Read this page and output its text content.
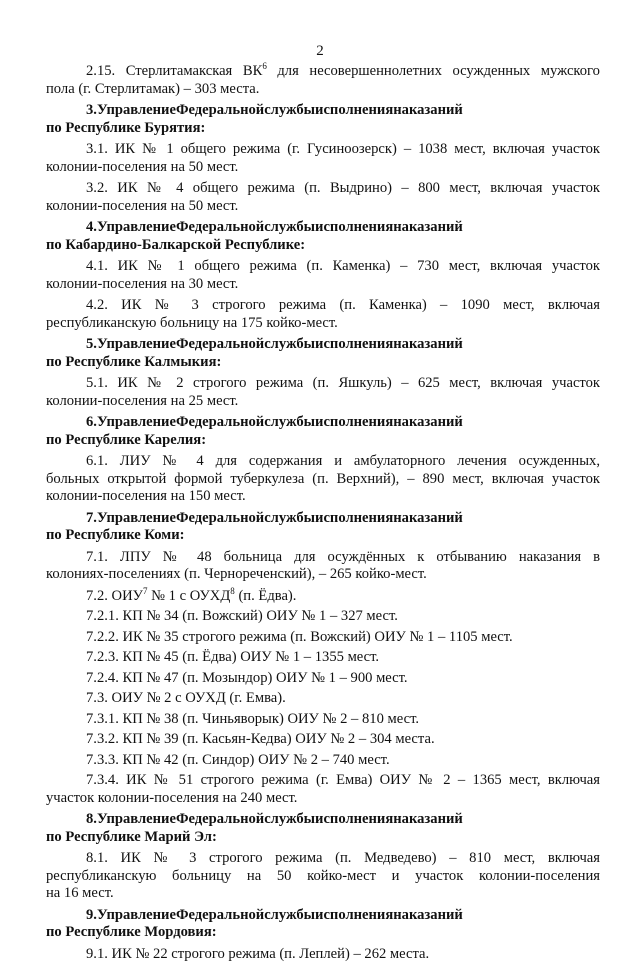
2
2.15. Стерлитамакская $ВК^6$ для несовершеннолетних осужденных мужского
пола (г. Стерлитамак) – 303 места.
3.УправлениеФедеральнойслужбыисполнениянаказаний
по Республике Бурятия:
3.1. ИК № 1 общего режима (г. Гусиноозерск) – 1038 мест, включая участок
колонии-поселения на 50 мест.
3.2. ИК № 4 общего режима (п. Выдрино) – 800 мест, включая участок
колонии-поселения на 50 мест.
4.УправлениеФедеральнойслужбыисполнениянаказаний
по Кабардино-Балкарской Республике:
4.1. ИК № 1 общего режима (п. Каменка) – 730 мест, включая участок
колонии-поселения на 30 мест.
4.2. ИК № 3 строгого режима (п. Каменка) – 1090 мест, включая
республиканскую больницу на 175 койко-мест.
5.УправлениеФедеральнойслужбыисполнениянаказаний
по Республике Калмыкия:
5.1. ИК № 2 строгого режима (п. Яшкуль) – 625 мест, включая участок
колонии-поселения на 25 мест.
6.УправлениеФедеральнойслужбыисполнениянаказаний
по Республике Карелия:
6.1. ЛИУ № 4 для содержания и амбулаторного лечения осужденных,
больных открытой формой туберкулеза (п. Верхний), – 890 мест, включая участок
колонии-поселения на 150 мест.
7.УправлениеФедеральнойслужбыисполнениянаказаний
по Республике Коми:
7.1. ЛПУ № 48 больница для осуждённых к отбыванию наказания в
колониях-поселениях (п. Чернореченский), – 265 койко-мест.
7.2. ОИУ$^7$ № 1 с ОУХД$^8$ (п. Ёдва).
7.2.1. КП № 34 (п. Вожский) ОИУ № 1 – 327 мест.
7.2.2. ИК № 35 строгого режима (п. Вожский) ОИУ № 1 – 1105 мест.
7.2.3. КП № 45 (п. Ёдва) ОИУ № 1 – 1355 мест.
7.2.4. КП № 47 (п. Мозындор) ОИУ № 1 – 900 мест.
7.3. ОИУ № 2 с ОУХД (г. Емва).
7.3.1. КП № 38 (п. Чиньяворык) ОИУ № 2 – 810 мест.
7.3.2. КП № 39 (п. Касьян-Кедва) ОИУ № 2 – 304 места.
7.3.3. КП № 42 (п. Синдор) ОИУ № 2 – 740 мест.
7.3.4. ИК № 51 строгого режима (г. Емва) ОИУ № 2 – 1365 мест, включая
участок колонии-поселения на 240 мест.
8.УправлениеФедеральнойслужбыисполнениянаказаний
по Республике Марий Эл:
8.1. ИК № 3 строгого режима (п. Медведево) – 810 мест, включая
республиканскую больницу на 50 койко-мест и участок колонии-поселения
на 16 мест.
9.УправлениеФедеральнойслужбыисполнениянаказаний
по Республике Мордовия:
9.1. ИК № 22 строгого режима (п. Леплей) – 262 места.
